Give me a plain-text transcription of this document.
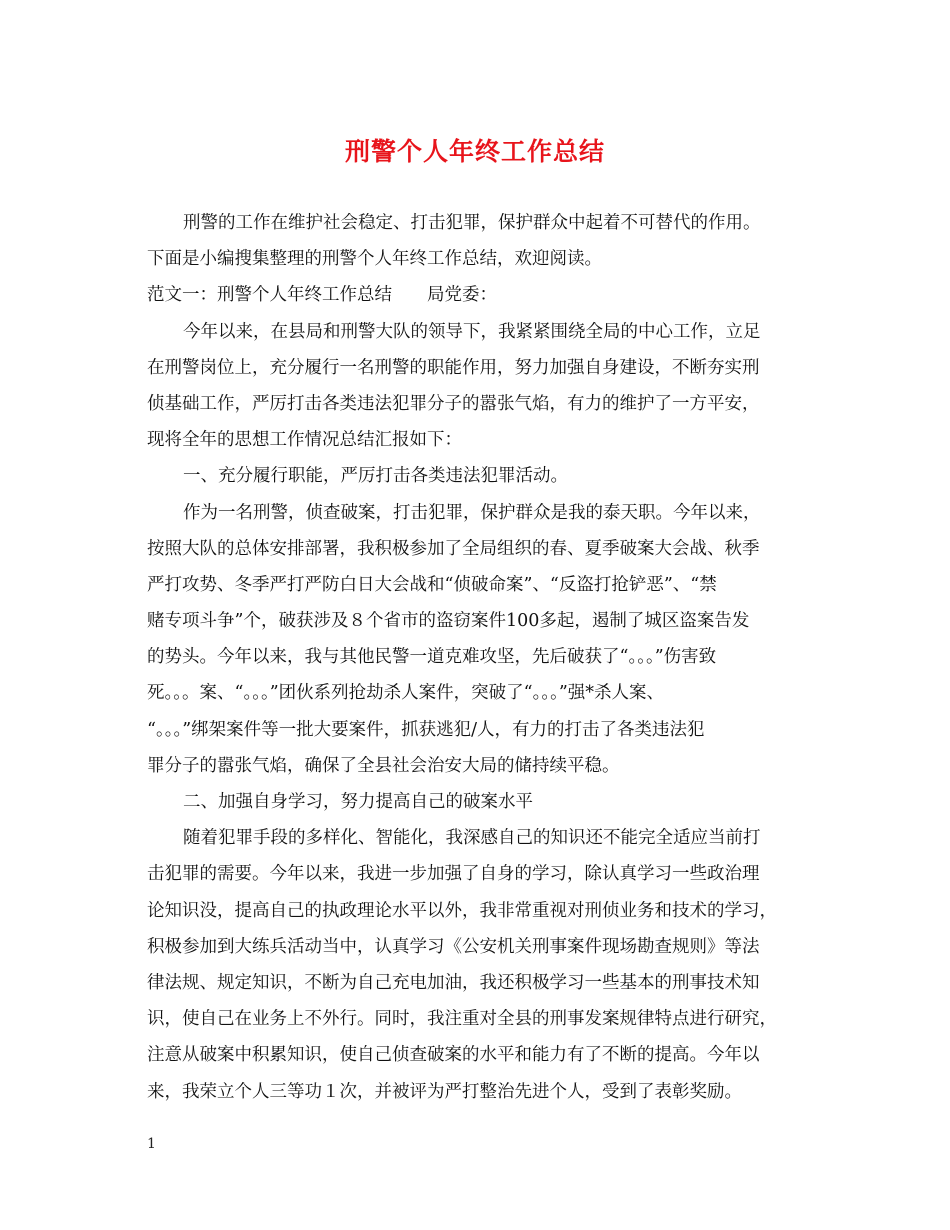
刑警个人年终工作总结
刑警的工作在维护社会稳定、打击犯罪，保护群众中起着不可替代的作用。
下面是小编搜集整理的刑警个人年终工作总结，欢迎阅读。
范文一：刑警个人年终工作总结　　局党委：
今年以来，在县局和刑警大队的领导下，我紧紧围绕全局的中心工作，立足
在刑警岗位上，充分履行一名刑警的职能作用，努力加强自身建设，不断夯实刑
侦基础工作，严厉打击各类违法犯罪分子的嚣张气焰，有力的维护了一方平安，
现将全年的思想工作情况总结汇报如下：
一、充分履行职能，严厉打击各类违法犯罪活动。
作为一名刑警，侦查破案，打击犯罪，保护群众是我的泰天职。今年以来，
按照大队的总体安排部署，我积极参加了全局组织的春、夏季破案大会战、秋季
严打攻势、冬季严打严防白日大会战和“侦破命案”、“反盗打抢铲恶”、“禁
赌专项斗争”个，破获涉及８个省市的盗窃案件100多起，遏制了城区盗案告发
的势头。今年以来，我与其他民警一道克难攻坚，先后破获了“。。。”伤害致
死。。。案、“。。。”团伙系列抢劫杀人案件，突破了“。。。”强*杀人案、
“。。。”绑架案件等一批大要案件，抓获逃犯/人，有力的打击了各类违法犯
罪分子的嚣张气焰，确保了全县社会治安大局的储持续平稳。
二、加强自身学习，努力提高自己的破案水平
随着犯罪手段的多样化、智能化，我深感自己的知识还不能完全适应当前打
击犯罪的需要。今年以来，我进一步加强了自身的学习，除认真学习一些政治理
论知识没，提高自己的执政理论水平以外，我非常重视对刑侦业务和技术的学习，
积极参加到大练兵活动当中，认真学习《公安机关刑事案件现场勘查规则》等法
律法规、规定知识，不断为自己充电加油，我还积极学习一些基本的刑事技术知
识，使自己在业务上不外行。同时，我注重对全县的刑事发案规律特点进行研究，
注意从破案中积累知识，使自己侦查破案的水平和能力有了不断的提高。今年以
来，我荣立个人三等功１次，并被评为严打整治先进个人，受到了表彰奖励。
1
